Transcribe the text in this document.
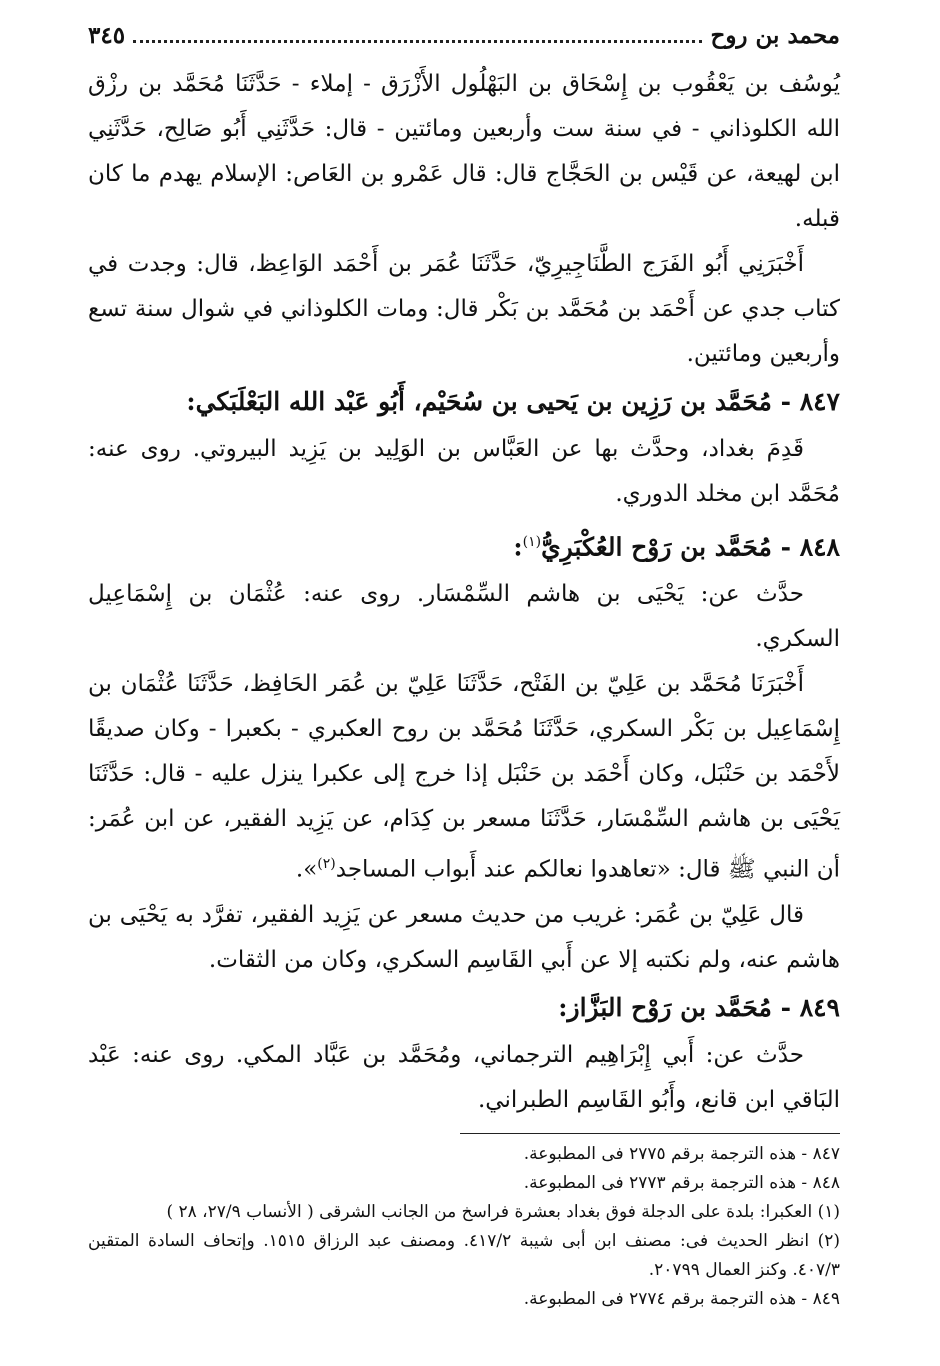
محمد بن روح
٣٤٥

يُوسُف بن يَعْقُوب بن إِسْحَاق بن البَهْلُول الأَزْرَق - إملاء - حَدَّثَنَا مُحَمَّد بن رزْق الله الكلوذاني - في سنة ست وأربعين ومائتين - قال: حَدَّثَنِي أَبُو صَالِح، حَدَّثَنِي ابن لهيعة، عن قَيْس بن الحَجَّاج قال: قال عَمْرو بن العَاص: الإسلام يهدم ما كان قبله.

أَخْبَرَنِي أَبُو الفَرَج الطَّنَاجِيرِيّ، حَدَّثَنَا عُمَر بن أَحْمَد الوَاعِظ، قال: وجدت في كتاب جدي عن أَحْمَد بن مُحَمَّد بن بَكْر قال: ومات الكلوذاني في شوال سنة تسع وأربعين ومائتين.

٨٤٧ - مُحَمَّد بن رَزِين بن يَحيى بن سُحَيْم، أَبُو عَبْد الله البَعْلَبَكي:

قَدِمَ بغداد، وحدَّث بها عن العَبَّاس بن الوَلِيد بن يَزِيد البيروتي. روى عنه: مُحَمَّد ابن مخلد الدوري.

٨٤٨ - مُحَمَّد بن رَوْح العُكْبَرِيُّ$^{(١)}$:

حدَّث عن: يَحْيَى بن هاشم السِّمْسَار. روى عنه: عُثْمَان بن إِسْمَاعِيل السكري.

أَخْبَرَنَا مُحَمَّد بن عَلِيّ بن الفَتْح، حَدَّثَنَا عَلِيّ بن عُمَر الحَافِظ، حَدَّثَنَا عُثْمَان بن إِسْمَاعِيل بن بَكْر السكري، حَدَّثَنَا مُحَمَّد بن روح العكبري - بكعبرا - وكان صديقًا لأَحْمَد بن حَنْبَل، وكان أَحْمَد بن حَنْبَل إذا خرج إلى عكبرا ينزل عليه - قال: حَدَّثَنَا يَحْيَى بن هاشم السِّمْسَار، حَدَّثَنَا مسعر بن كِدَام، عن يَزِيد الفقير، عن ابن عُمَر: أن النبي ﷺ قال: «تعاهدوا نعالكم عند أَبواب المساجد$^{(٢)}$».

قال عَلِيّ بن عُمَر: غريب من حديث مسعر عن يَزِيد الفقير، تفرَّد به يَحْيَى بن هاشم عنه، ولم نكتبه إلا عن أَبي القَاسِم السكري، وكان من الثقات.

٨٤٩ - مُحَمَّد بن رَوْح البَزَّاز:

حدَّث عن: أَبي إِبْرَاهِيم الترجماني، ومُحَمَّد بن عَبَّاد المكي. روى عنه: عَبْد البَاقي ابن قانع، وأَبُو القَاسِم الطبراني.

٨٤٧ - هذه الترجمة برقم ٢٧٧٥ فى المطبوعة.

٨٤٨ - هذه الترجمة برقم ٢٧٧٣ فى المطبوعة.

(١) العكبرا: بلدة على الدجلة فوق بغداد بعشرة فراسخ من الجانب الشرقى ( الأنساب ٢٧/٩، ٢٨ )

(٢) انظر الحديث فى: مصنف ابن أبى شيبة ٤١٧/٢. ومصنف عبد الرزاق ١٥١٥. وإتحاف السادة المتقين ٤٠٧/٣. وكنز العمال ٢٠٧٩٩.

٨٤٩ - هذه الترجمة برقم ٢٧٧٤ فى المطبوعة.
